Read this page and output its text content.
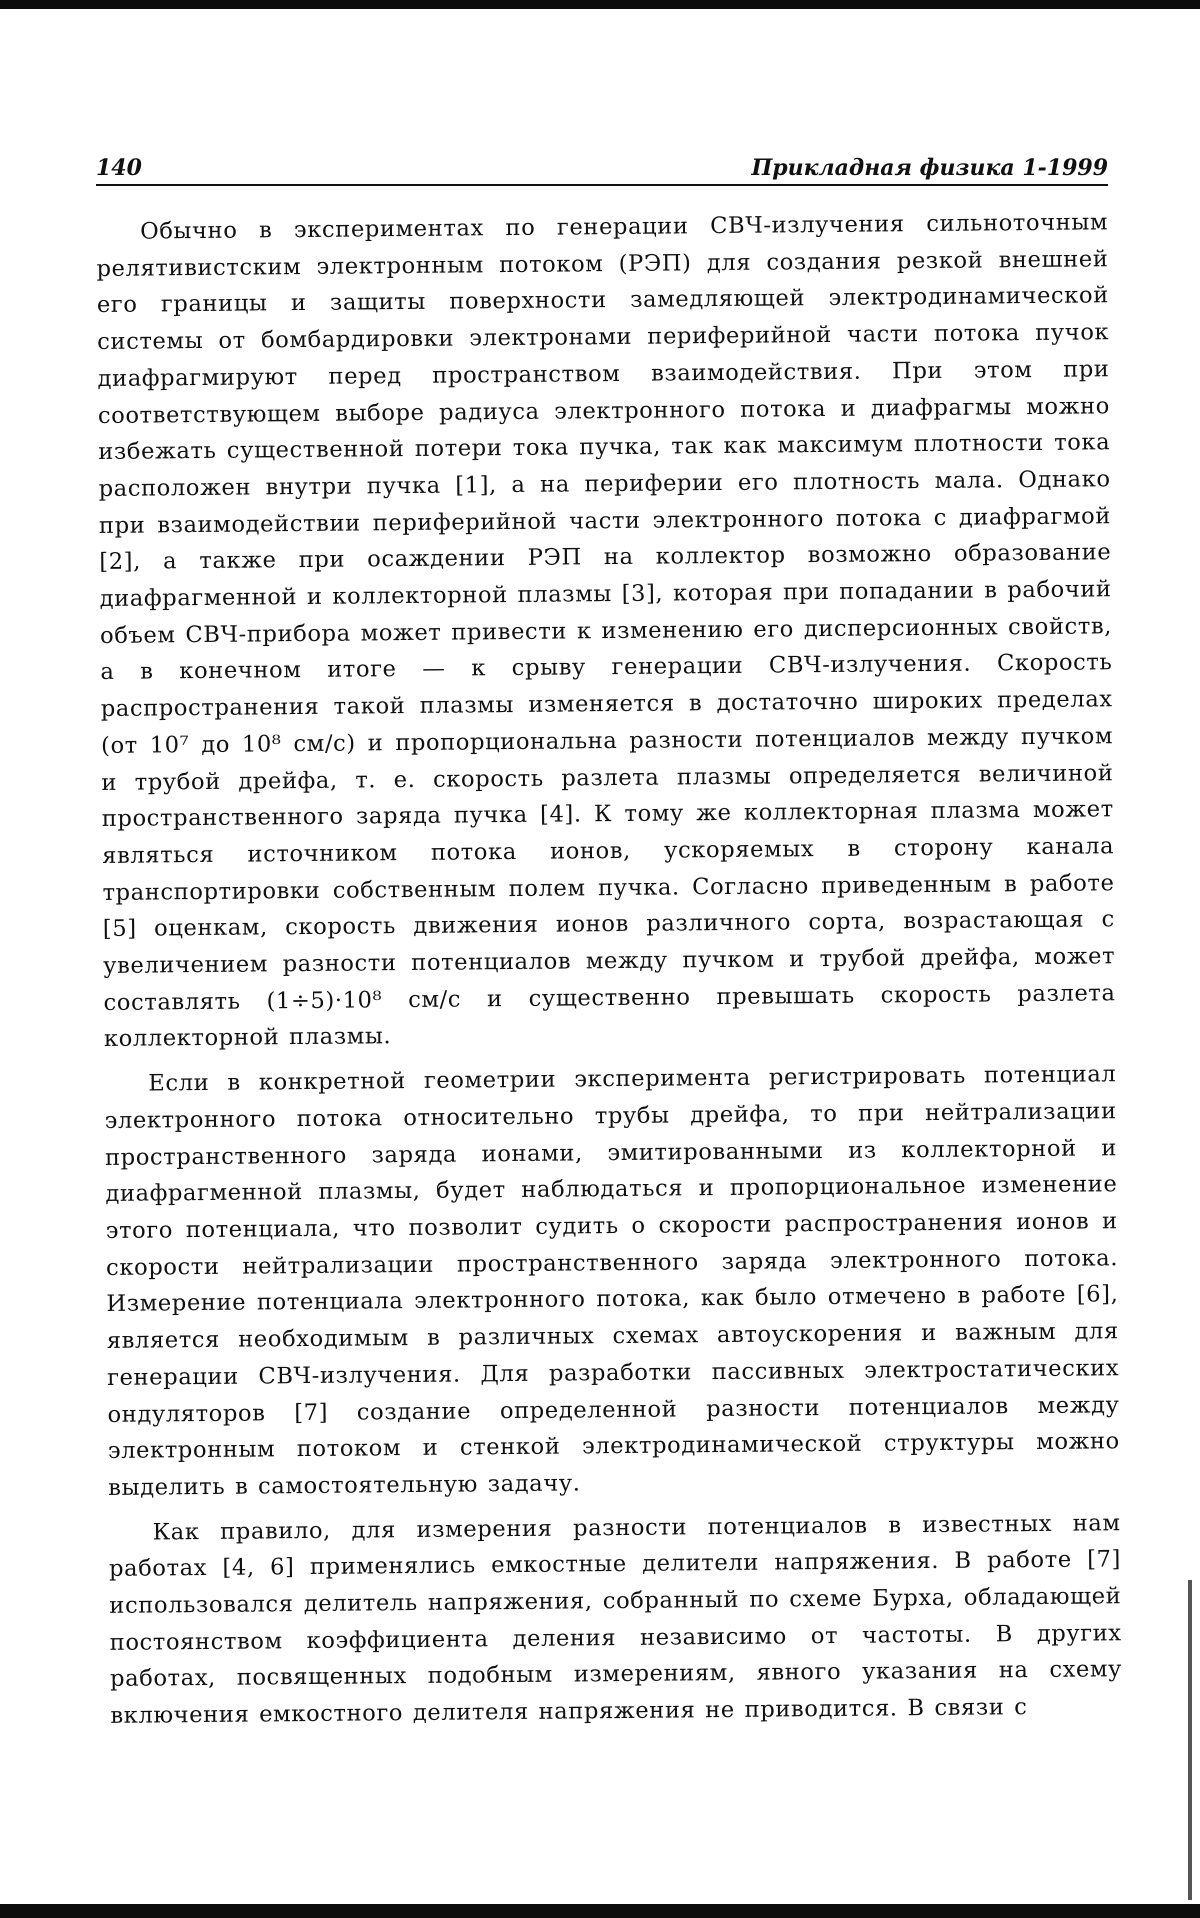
140	Прикладная физика 1-1999

Обычно в экспериментах по генерации СВЧ-излучения сильноточным релятивистским электронным потоком (РЭП) для создания резкой внешней его границы и защиты поверхности замедляющей электродинамической системы от бомбардировки электронами периферийной части потока пучок диафрагмируют перед пространством взаимодействия. При этом при соответствующем выборе радиуса электронного потока и диафрагмы можно избежать существенной потери тока пучка, так как максимум плотности тока расположен внутри пучка [1], а на периферии его плотность мала. Однако при взаимодействии периферийной части электронного потока с диафрагмой [2], а также при осаждении РЭП на коллектор возможно образование диафрагменной и коллекторной плазмы [3], которая при попадании в рабочий объем СВЧ-прибора может привести к изменению его дисперсионных свойств, а в конечном итоге — к срыву генерации СВЧ-излучения. Скорость распространения такой плазмы изменяется в достаточно широких пределах (от 10⁷ до 10⁸ см/с) и пропорциональна разности потенциалов между пучком и трубой дрейфа, т. е. скорость разлета плазмы определяется величиной пространственного заряда пучка [4]. К тому же коллекторная плазма может являться источником потока ионов, ускоряемых в сторону канала транспортировки собственным полем пучка. Согласно приведенным в работе [5] оценкам, скорость движения ионов различного сорта, возрастающая с увеличением разности потенциалов между пучком и трубой дрейфа, может составлять (1÷5)·10⁸ см/с и существенно превышать скорость разлета коллекторной плазмы.

Если в конкретной геометрии эксперимента регистрировать потенциал электронного потока относительно трубы дрейфа, то при нейтрализации пространственного заряда ионами, эмитированными из коллекторной и диафрагменной плазмы, будет наблюдаться и пропорциональное изменение этого потенциала, что позволит судить о скорости распространения ионов и скорости нейтрализации пространственного заряда электронного потока. Измерение потенциала электронного потока, как было отмечено в работе [6], является необходимым в различных схемах автоускорения и важным для генерации СВЧ-излучения. Для разработки пассивных электростатических ондуляторов [7] создание определенной разности потенциалов между электронным потоком и стенкой электродинамической структуры можно выделить в самостоятельную задачу.

Как правило, для измерения разности потенциалов в известных нам работах [4, 6] применялись емкостные делители напряжения. В работе [7] использовался делитель напряжения, собранный по схеме Бурха, обладающей постоянством коэффициента деления независимо от частоты. В других работах, посвященных подобным измерениям, явного указания на схему включения емкостного делителя напряжения не приводится. В связи с
